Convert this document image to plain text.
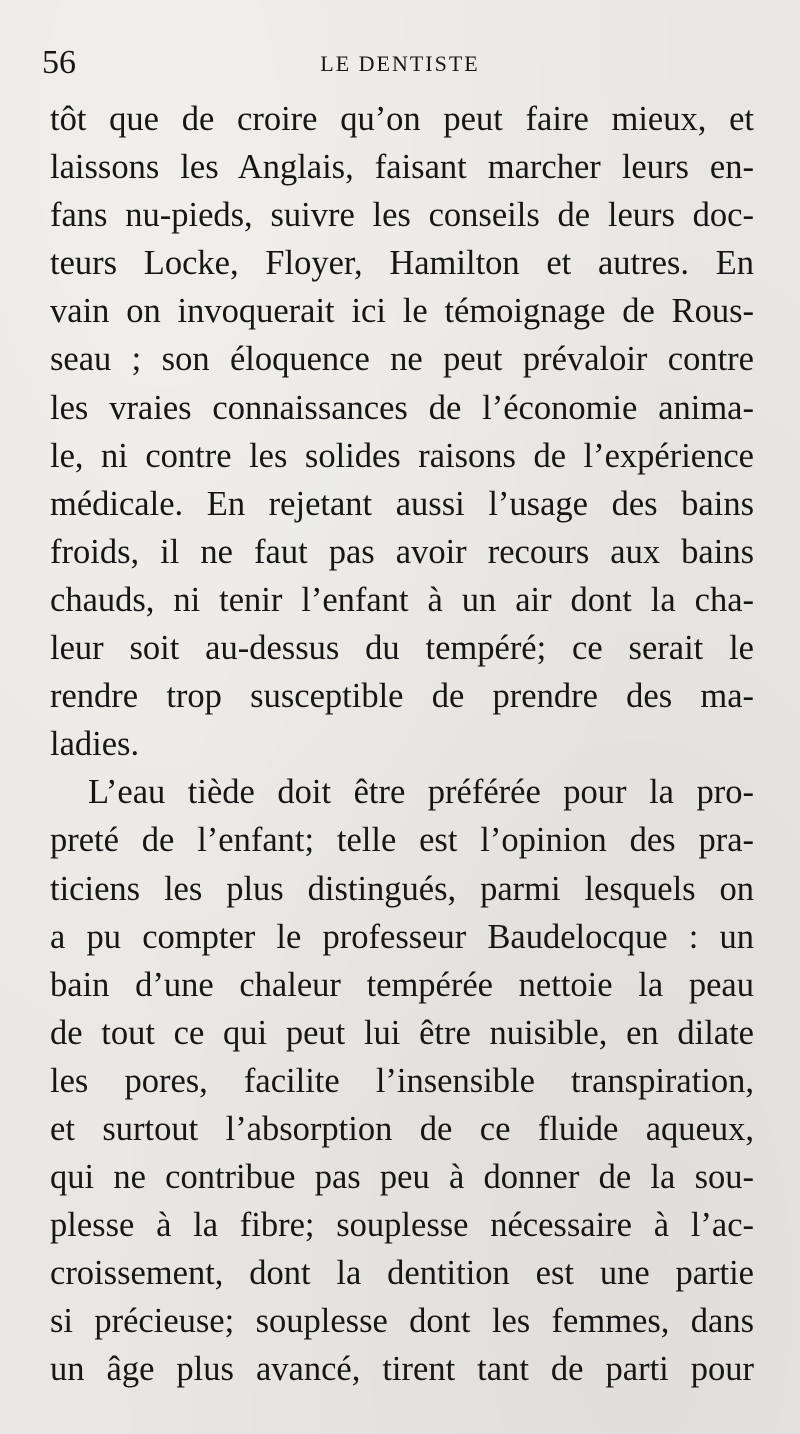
56	LE DENTISTE
tôt que de croire qu’on peut faire mieux, et
laissons les Anglais, faisant marcher leurs en-
fans nu-pieds, suivre les conseils de leurs doc-
teurs Locke, Floyer, Hamilton et autres. En
vain on invoquerait ici le témoignage de Rous-
seau ; son éloquence ne peut prévaloir contre
les vraies connaissances de l’économie anima-
le, ni contre les solides raisons de l’expérience
médicale. En rejetant aussi l’usage des bains
froids, il ne faut pas avoir recours aux bains
chauds, ni tenir l’enfant à un air dont la cha-
leur soit au-dessus du tempéré; ce serait le
rendre trop susceptible de prendre des ma-
ladies.
L’eau tiède doit être préférée pour la pro-
preté de l’enfant; telle est l’opinion des pra-
ticiens les plus distingués, parmi lesquels on
a pu compter le professeur Baudelocque : un
bain d’une chaleur tempérée nettoie la peau
de tout ce qui peut lui être nuisible, en dilate
les pores, facilite l’insensible transpiration,
et surtout l’absorption de ce fluide aqueux,
qui ne contribue pas peu à donner de la sou-
plesse à la fibre; souplesse nécessaire à l’ac-
croissement, dont la dentition est une partie
si précieuse; souplesse dont les femmes, dans
un âge plus avancé, tirent tant de parti pour
